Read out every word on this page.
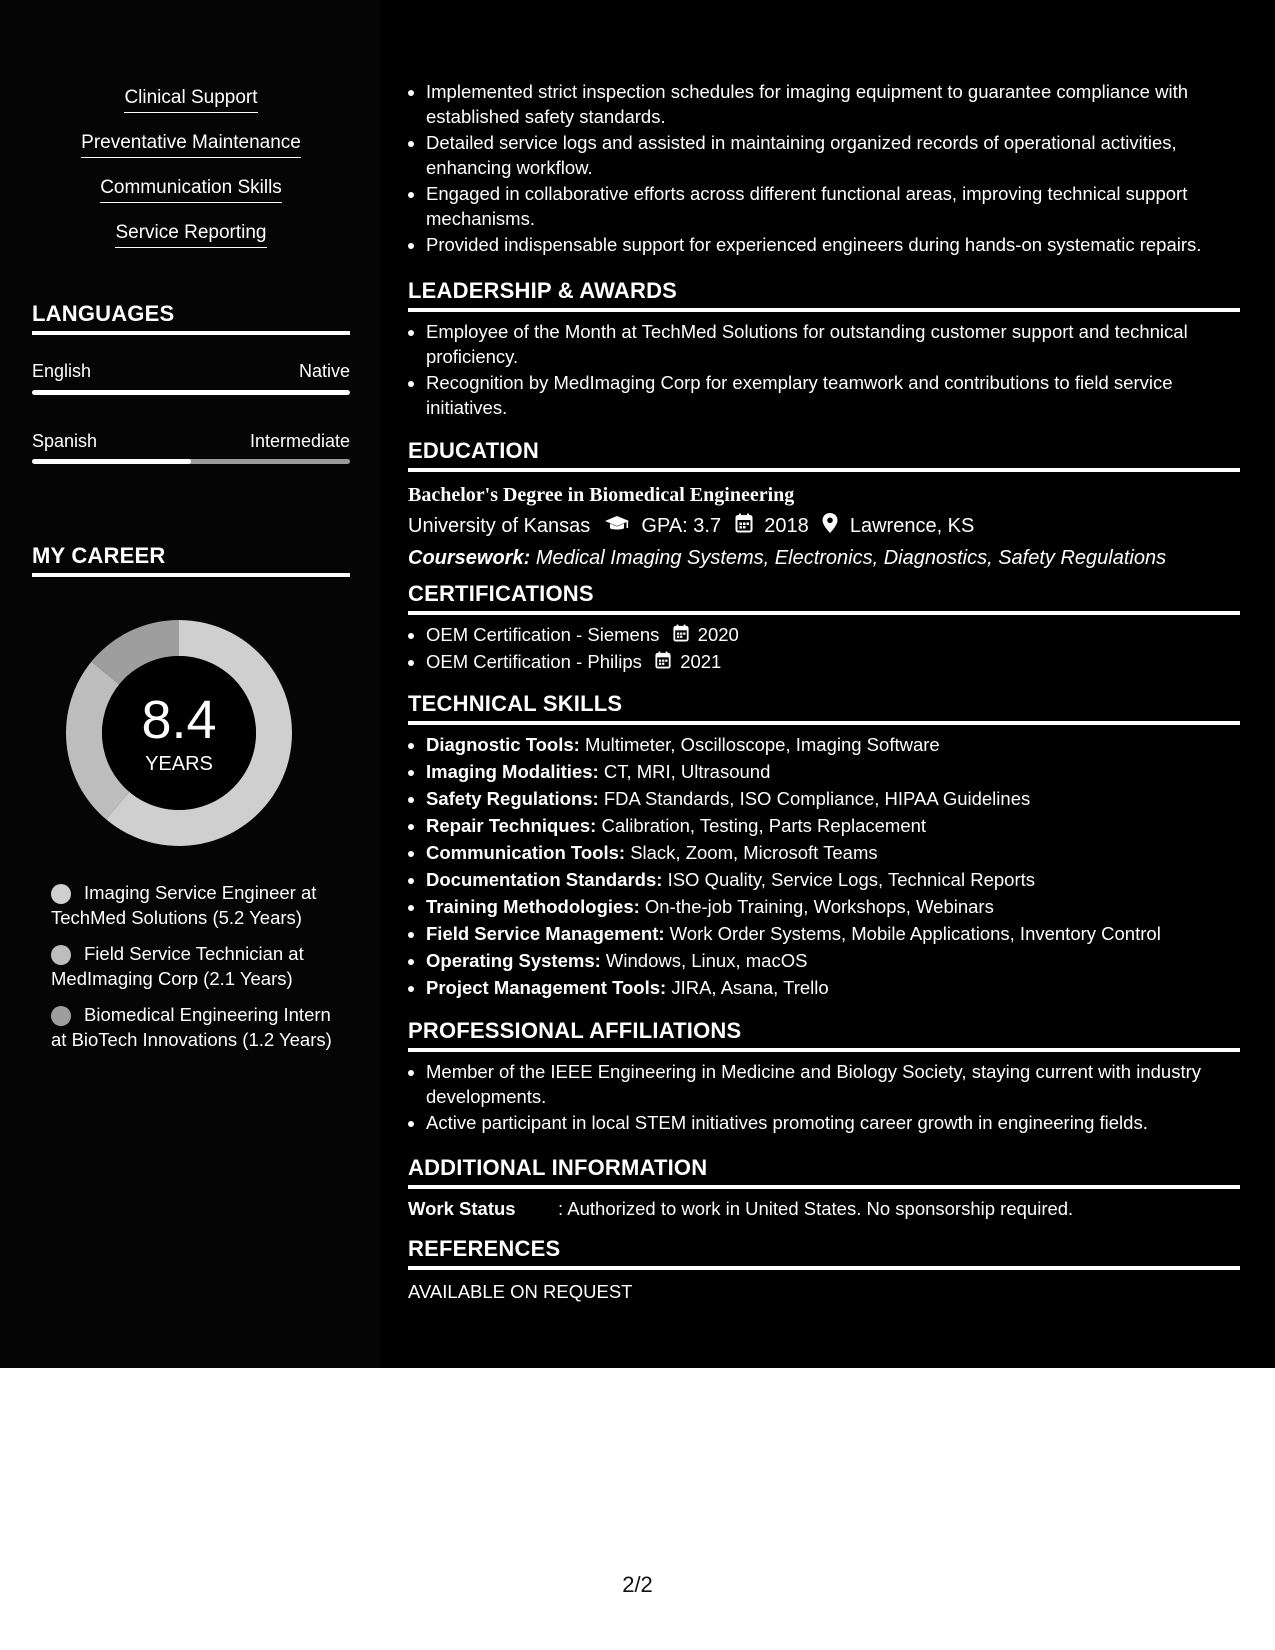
Clinical Support
Preventative Maintenance
Communication Skills
Service Reporting
LANGUAGES
English	Native
Spanish	Intermediate
MY CAREER
8.4
YEARS
Imaging Service Engineer at TechMed Solutions (5.2 Years)
Field Service Technician at MedImaging Corp (2.1 Years)
Biomedical Engineering Intern at BioTech Innovations (1.2 Years)
• Implemented strict inspection schedules for imaging equipment to guarantee compliance with established safety standards.
• Detailed service logs and assisted in maintaining organized records of operational activities, enhancing workflow.
• Engaged in collaborative efforts across different functional areas, improving technical support mechanisms.
• Provided indispensable support for experienced engineers during hands-on systematic repairs.
LEADERSHIP & AWARDS
• Employee of the Month at TechMed Solutions for outstanding customer support and technical proficiency.
• Recognition by MedImaging Corp for exemplary teamwork and contributions to field service initiatives.
EDUCATION
Bachelor's Degree in Biomedical Engineering
University of Kansas	GPA: 3.7 2018 Lawrence, KS
Coursework: Medical Imaging Systems, Electronics, Diagnostics, Safety Regulations
CERTIFICATIONS
• OEM Certification - Siemens 2020
• OEM Certification - Philips 2021
TECHNICAL SKILLS
• Diagnostic Tools: Multimeter, Oscilloscope, Imaging Software
• Imaging Modalities: CT, MRI, Ultrasound
• Safety Regulations: FDA Standards, ISO Compliance, HIPAA Guidelines
• Repair Techniques: Calibration, Testing, Parts Replacement
• Communication Tools: Slack, Zoom, Microsoft Teams
• Documentation Standards: ISO Quality, Service Logs, Technical Reports
• Training Methodologies: On-the-job Training, Workshops, Webinars
• Field Service Management: Work Order Systems, Mobile Applications, Inventory Control
• Operating Systems: Windows, Linux, macOS
• Project Management Tools: JIRA, Asana, Trello
PROFESSIONAL AFFILIATIONS
• Member of the IEEE Engineering in Medicine and Biology Society, staying current with industry developments.
• Active participant in local STEM initiatives promoting career growth in engineering fields.
ADDITIONAL INFORMATION
Work Status : Authorized to work in United States. No sponsorship required.
REFERENCES
AVAILABLE ON REQUEST
2/2
